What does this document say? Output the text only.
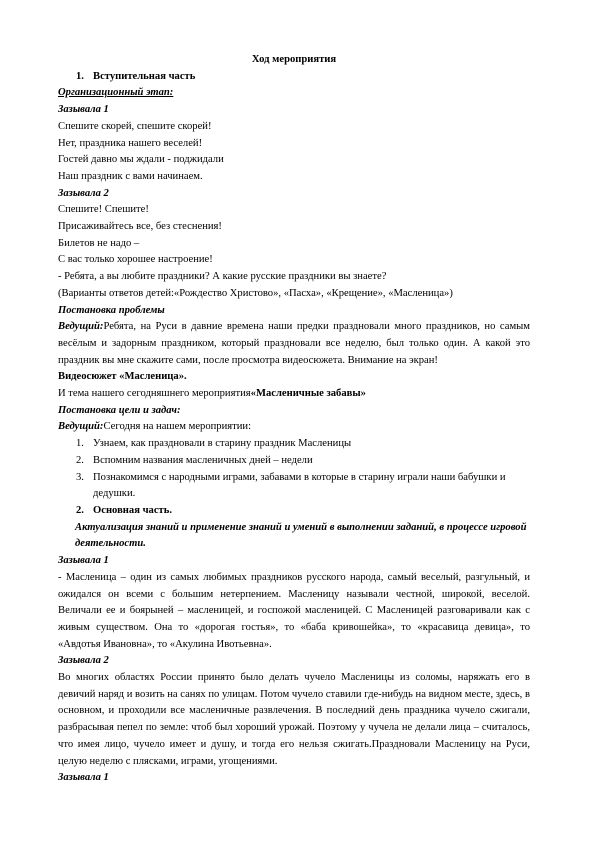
Ход мероприятия
1. Вступительная часть
Организационный этап:
Зазывала 1
Спешите скорей, спешите скорей!
Нет, праздника нашего веселей!
Гостей давно мы ждали - поджидали
Наш праздник с вами начинаем.
Зазывала 2
Спешите! Спешите!
Присаживайтесь все, без стеснения!
Билетов не надо –
С вас только хорошее настроение!
- Ребята, а вы любите праздники? А какие русские праздники вы знаете?
(Варианты ответов детей:«Рождество Христово», «Пасха», «Крещение», «Масленица»)
Постановка проблемы
Ведущий:Ребята, на Руси в давние времена наши предки праздновали много праздников, но самым весёлым и задорным праздником, который праздновали все неделю, был только один. А какой это праздник вы мне скажите сами, после просмотра видеосюжета. Внимание на экран!
Видеосюжет «Масленица».
И тема нашего сегодняшнего мероприятия«Масленичные забавы»
Постановка цели и задач:
Ведущий:Сегодня на нашем мероприятии:
1. Узнаем, как праздновали в старину праздник Масленицы
2. Вспомним названия масленичных дней – недели
3. Познакомимся с народными играми, забавами в которые в старину играли наши бабушки и дедушки.
2. Основная часть.
Актуализация знаний и применение знаний и умений в выполнении заданий, в процессе игровой деятельности.
Зазывала 1
- Масленица – один из самых любимых праздников русского народа, самый веселый, разгульный, и ожидался он всеми с большим нетерпением. Масленицу называли честной, широкой, веселой. Величали ее и боярыней – масленицей, и госпожой масленицей. С Масленицей разговаривали как с живым существом. Она то «дорогая гостья», то «баба кривошейка», то «красавица девица», то «Авдотья Ивановна», то «Акулина Ивотьевна».
Зазывала 2
Во многих областях России принято было делать чучело Масленицы из соломы, наряжать его в девичий наряд и возить на санях по улицам. Потом чучело ставили где-нибудь на видном месте, здесь, в основном, и проходили все масленичные развлечения. В последний день праздника чучело сжигали, разбрасывая пепел по земле: чтоб был хороший урожай. Поэтому у чучела не делали лица – считалось, что имея лицо, чучело имеет и душу, и тогда его нельзя сжигать.Праздновали Масленицу на Руси, целую неделю с плясками, играми, угощениями.
Зазывала 1
